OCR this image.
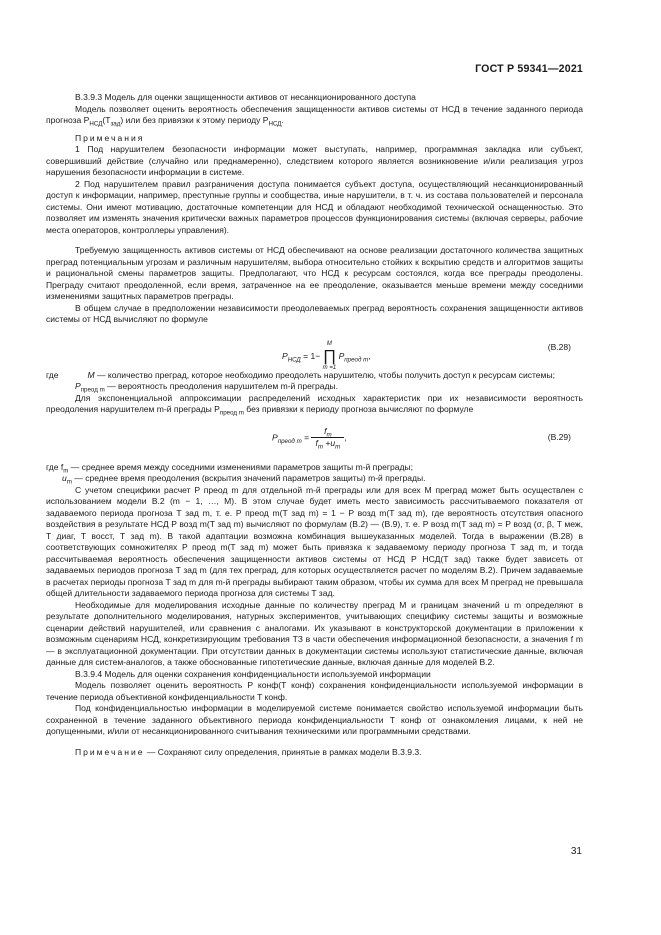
ГОСТ Р 59341—2021

В.3.9.3 Модель для оценки защищенности активов от несанкционированного доступа

Модель позволяет оценить вероятность обеспечения защищенности активов системы от НСД в течение заданного периода прогноза $P_{НСД}(T_{зад})$ или без привязки к этому периоду $P_{НСД}$.

Примечания

1 Под нарушителем безопасности информации может выступать, например, программная закладка или субъект, совершивший действие (случайно или преднамеренно), следствием которого является возникновение и/или реализация угроз нарушения безопасности информации в системе.

2 Под нарушителем правил разграничения доступа понимается субъект доступа, осуществляющий несанкционированный доступ к информации, например, преступные группы и сообщества, иные нарушители, в т. ч. из состава пользователей и персонала системы. Они имеют мотивацию, достаточные компетенции для НСД и обладают необходимой технической оснащенностью. Это позволяет им изменять значения критически важных параметров процессов функционирования системы (включая серверы, рабочие места операторов, контроллеры управления).

Требуемую защищенность активов системы от НСД обеспечивают на основе реализации достаточного количества защитных преград потенциальным угрозам и различным нарушителям, выбора относительно стойких к вскрытию средств и алгоритмов защиты и рациональной смены параметров защиты. Предполагают, что НСД к ресурсам состоялся, когда все преграды преодолены. Преграду считают преодоленной, если время, затраченное на ее преодоление, оказывается меньше времени между соседними изменениями защитных параметров преграды.

В общем случае в предположении независимости преодолеваемых преград вероятность сохранения защищенности активов системы от НСД вычисляют по формуле

$P_{НСД} = 1-$
M
∏
m =1
$P_{преод m}$,
(B.28)

где	M — количество преград, которое необходимо преодолеть нарушителю, чтобы получить доступ к ресурсам системы;

$P_{преод m}$ — вероятность преодоления нарушителем m-й преграды.

Для экспоненциальной аппроксимации распределений исходных характеристик при их независимости вероятность преодоления нарушителем m-й преграды $P_{преод m}$ без привязки к периоду прогноза вычисляют по формуле

$P_{преод m} = \frac{f_m}{f_m +u_m}$ ,	(B.29)

где $f_m$ — среднее время между соседними изменениями параметров защиты m-й преграды;

$u_m$ — среднее время преодоления (вскрытия значений параметров защиты) m-й преграды.

С учетом специфики расчет P преод m для отдельной m-й преграды или для всех M преград может быть осуществлен с использованием модели В.2 (m − 1, …, M). В этом случае будет иметь место зависимость рассчитываемого показателя от задаваемого периода прогноза T зад m, т. е. P преод m(T зад m) = 1 − P возд m(T зад m), где вероятность отсутствия опасного воздействия в результате НСД P возд m(T зад m) вычисляют по формулам (В.2) — (В.9), т. е. P возд m(T зад m) = P возд (σ, β, T меж, T диаг, T восст, T зад m). В такой адаптации возможна комбинация вышеуказанных моделей. Тогда в выражении (В.28) в соответствующих сомножителях P преод m(T зад m) может быть привязка к задаваемому периоду прогноза T зад m, и тогда рассчитываемая вероятность обеспечения защищенности активов системы от НСД P НСД(T зад) также будет зависеть от задаваемых периодов прогноза T зад m (для тех преград, для которых осуществляется расчет по моделям В.2). Причем задаваемые в расчетах периоды прогноза T зад m для m-й преграды выбирают таким образом, чтобы их сумма для всех M преград не превышала общей длительности задаваемого периода прогноза для системы T зад.

Необходимые для моделирования исходные данные по количеству преград M и границам значений u m определяют в результате дополнительного моделирования, натурных экспериментов, учитывающих специфику системы защиты и возможные сценарии действий нарушителей, или сравнения с аналогами. Их указывают в конструкторской документации в приложении к возможным сценариям НСД, конкретизирующим требования ТЗ в части обеспечения информационной безопасности, а значения f m — в эксплуатационной документации. При отсутствии данных в документации системы используют статистические данные, включая данные для систем-аналогов, а также обоснованные гипотетические данные, включая данные для моделей В.2.

В.3.9.4 Модель для оценки сохранения конфиденциальности используемой информации

Модель позволяет оценить вероятность P конф(T конф) сохранения конфиденциальности используемой информации в течение периода объективной конфиденциальности T конф.

Под конфиденциальностью информации в моделируемой системе понимается свойство используемой информации быть сохраненной в течение заданного объективного периода конфиденциальности T конф от ознакомления лицами, к ней не допущенными, и/или от несанкционированного считывания техническими или программными средствами.

Примечание — Сохраняют силу определения, принятые в рамках модели В.3.9.3.

31
